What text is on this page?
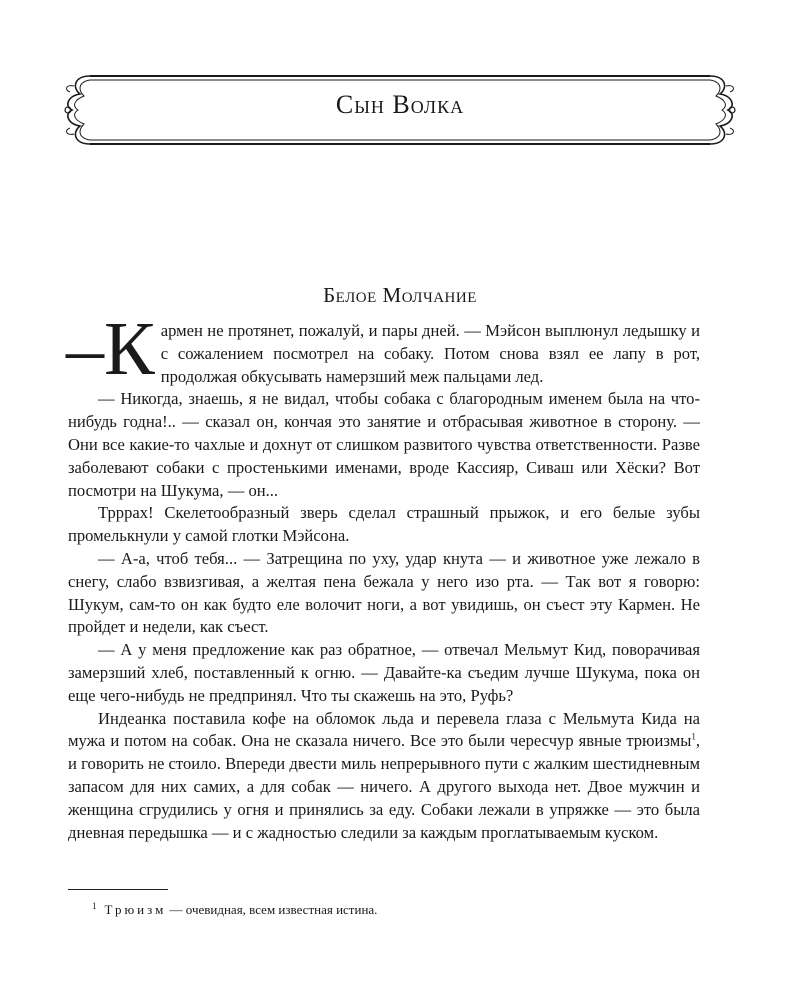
Сын Волка
Белое Молчание

–К армен не протянет, пожалуй, и пары дней. — Мэйсон выплюнул ледышку и с сожалением посмотрел на собаку. Потом снова взял ее лапу в рот, продолжая обкусывать намерзший меж пальцами лед.

— Никогда, знаешь, я не видал, чтобы собака с благородным именем была на что-нибудь годна!.. — сказал он, кончая это занятие и отбрасывая животное в сторону. — Они все какие-то чахлые и дохнут от слишком развитого чувства ответственности. Разве заболевают собаки с простенькими именами, вроде Кассияр, Сиваш или Хёски? Вот посмотри на Шукума, — он...

Трррах! Скелетообразный зверь сделал страшный прыжок, и его белые зубы промелькнули у самой глотки Мэйсона.

— А-а, чтоб тебя... — Затрещина по уху, удар кнута — и животное уже лежало в снегу, слабо взвизгивая, а желтая пена бежала у него изо рта. — Так вот я говорю: Шукум, сам-то он как будто еле волочит ноги, а вот увидишь, он съест эту Кармен. Не пройдет и недели, как съест.

— А у меня предложение как раз обратное, — отвечал Мельмут Кид, поворачивая замерзший хлеб, поставленный к огню. — Давайте-ка съедим лучше Шукума, пока он еще чего-нибудь не предпринял. Что ты скажешь на это, Руфь?

Индеанка поставила кофе на обломок льда и перевела глаза с Мельмута Кида на мужа и потом на собак. Она не сказала ничего. Все это были чересчур явные трюизмы$^1$, и говорить не стоило. Впереди двести миль непрерывного пути с жалким шестидневным запасом для них самих, а для собак — ничего. А другого выхода нет. Двое мужчин и женщина сгрудились у огня и принялись за еду. Собаки лежали в упряжке — это была дневная передышка — и с жадностью следили за каждым проглатываемым куском.

$^1$ Трюизм — очевидная, всем известная истина.
